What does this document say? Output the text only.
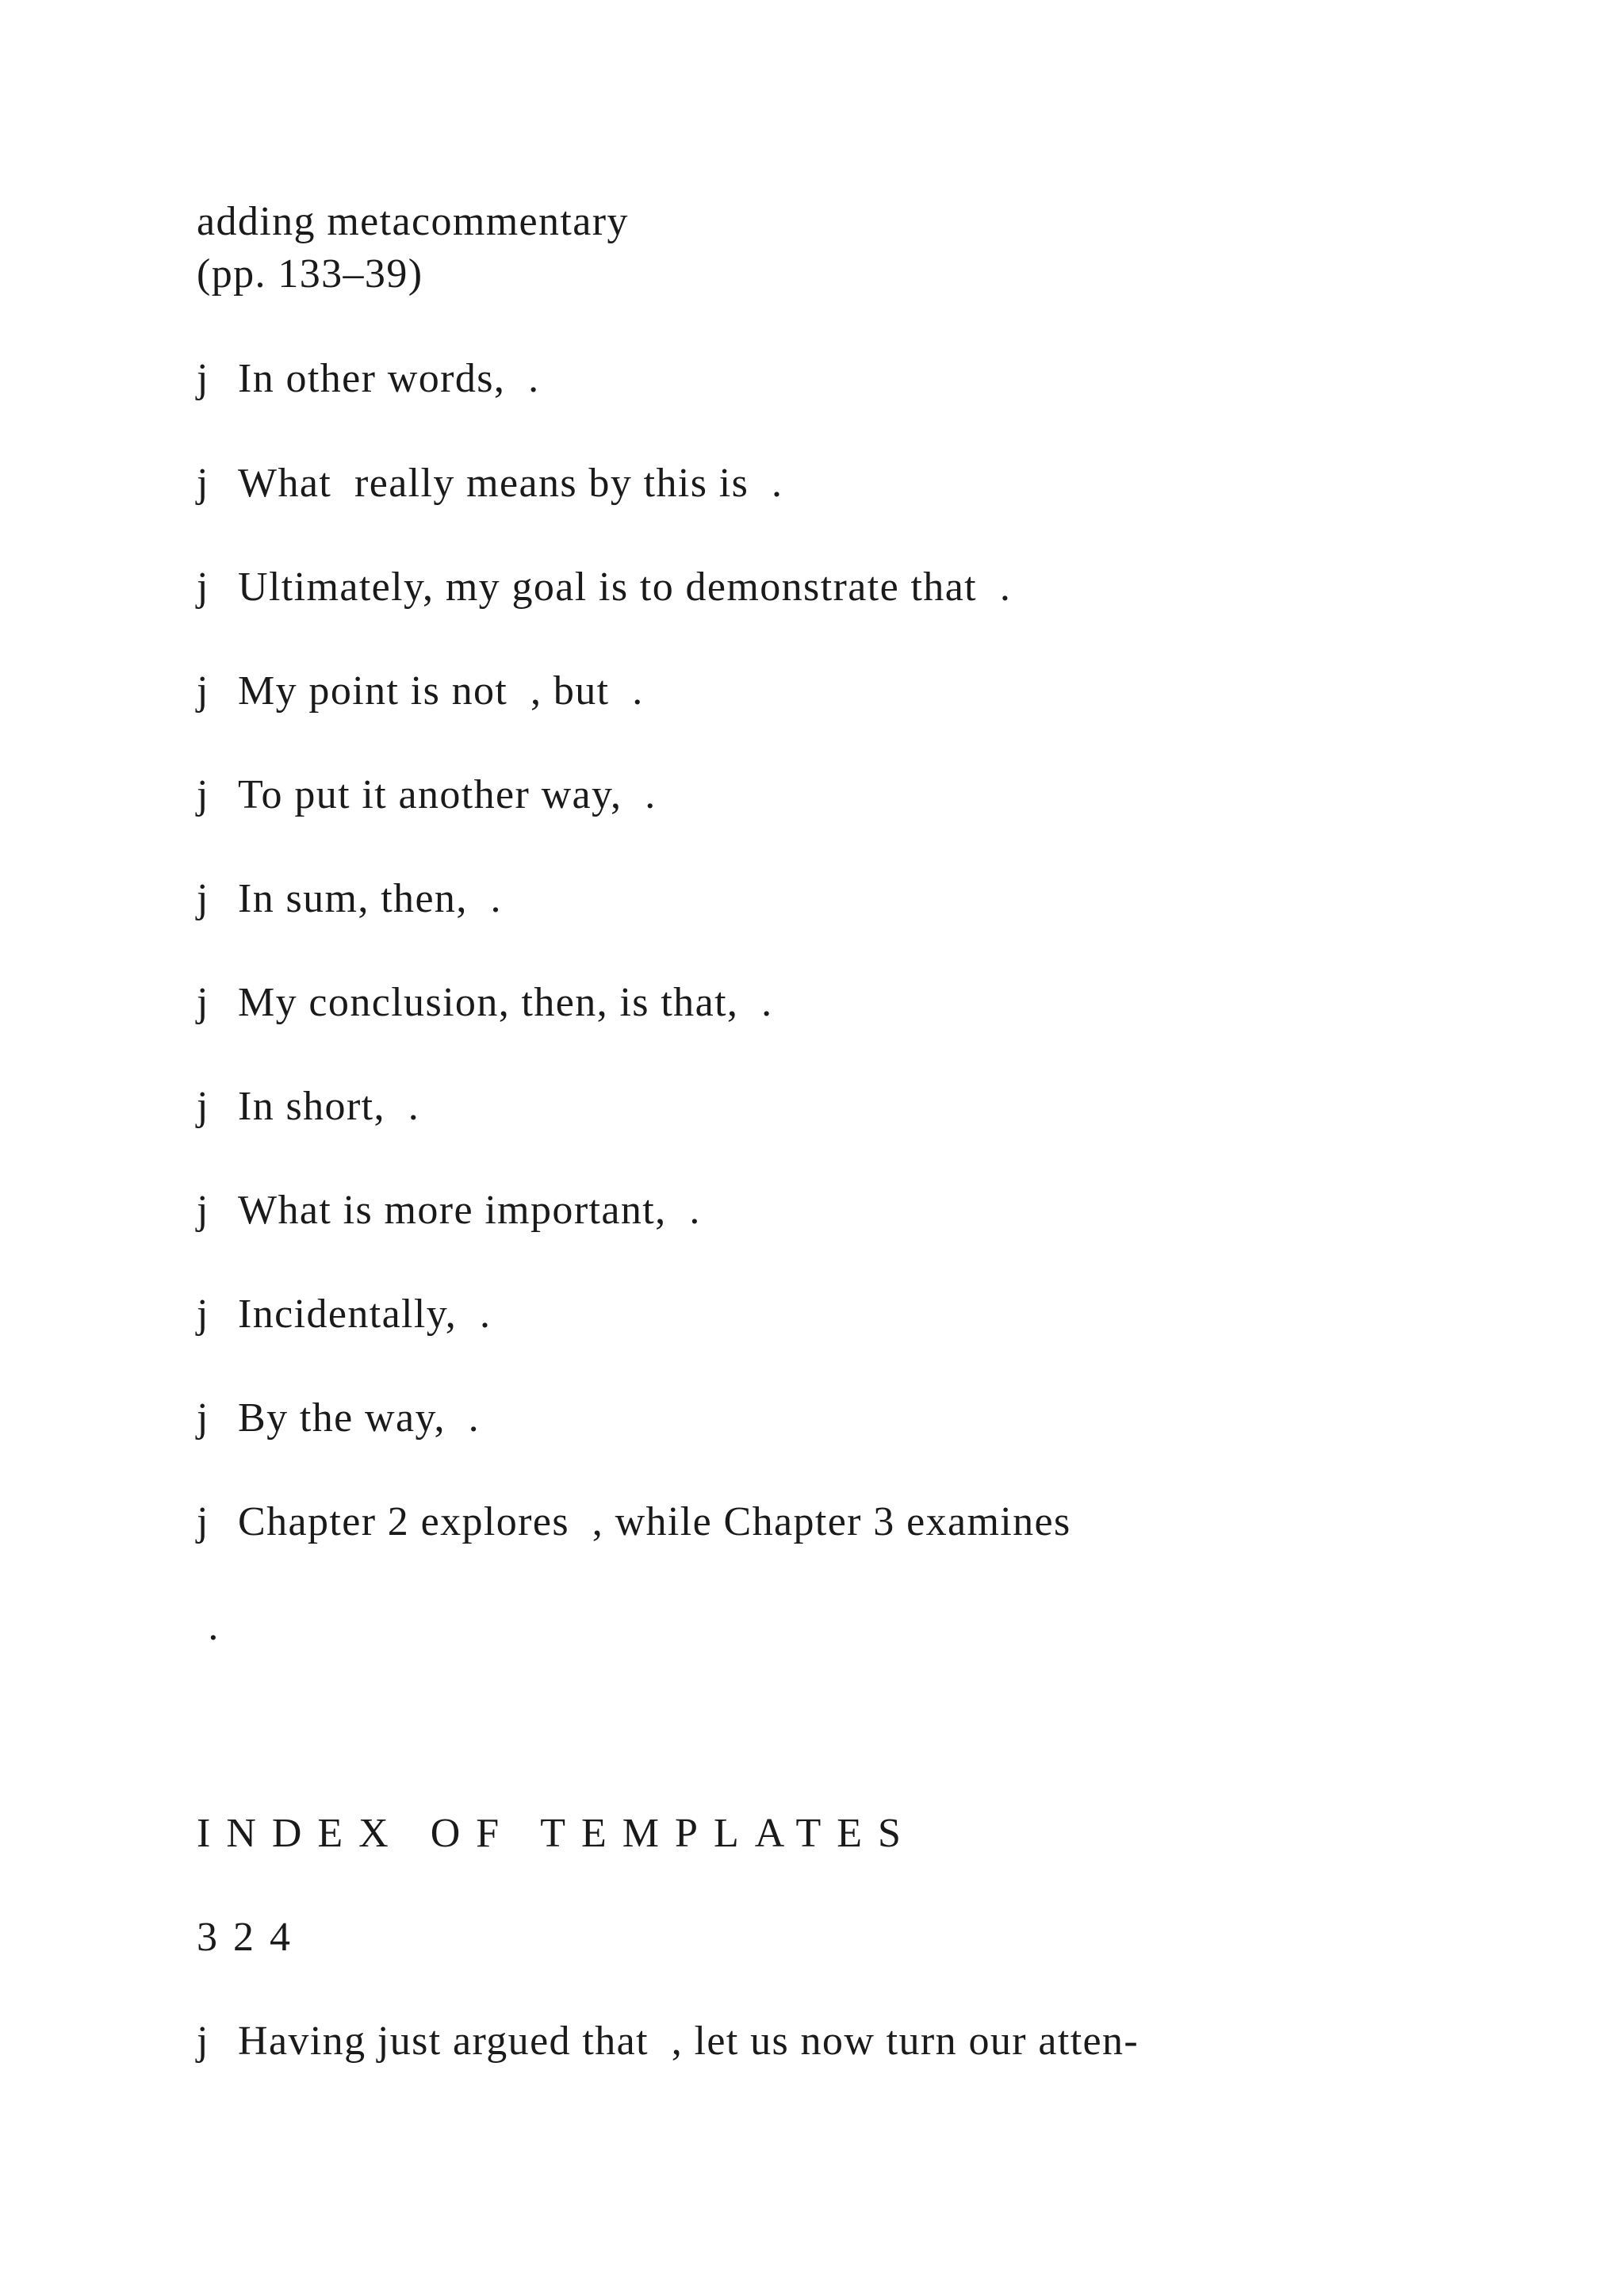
adding metacommentary
(pp. 133–39)
j In other words,  .
j What  really means by this is  .
j Ultimately, my goal is to demonstrate that  .
j My point is not  , but  .
j To put it another way,  .
j In sum, then,  .
j My conclusion, then, is that,  .
j In short,  .
j What is more important,  .
j Incidentally,  .
j By the way,  .
j Chapter 2 explores  , while Chapter 3 examines
.
INDEX OF TEMPLATES
324
j Having just argued that  , let us now turn our atten-
